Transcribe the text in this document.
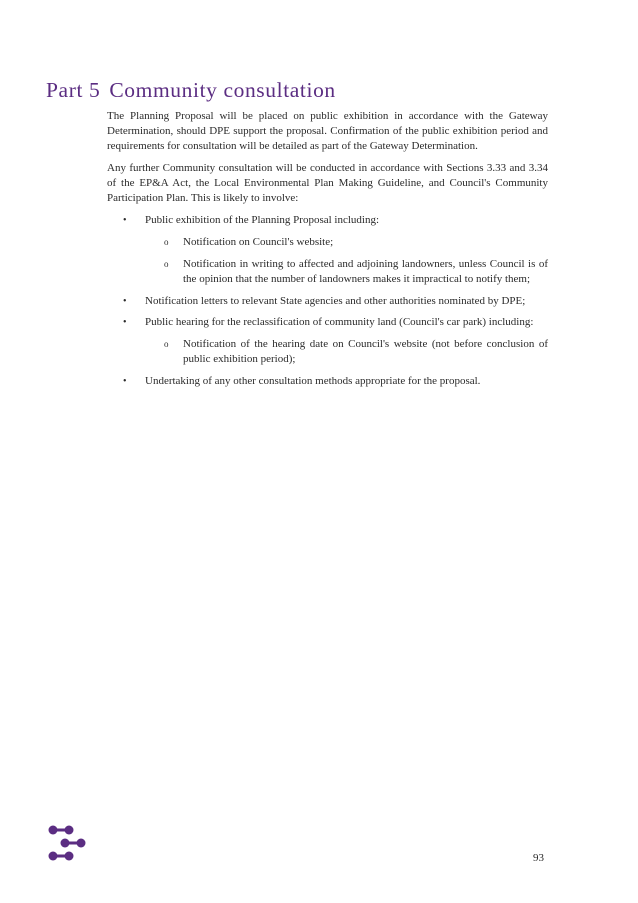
Part 5 Community consultation

The Planning Proposal will be placed on public exhibition in accordance with the Gateway Determination, should DPE support the proposal. Confirmation of the public exhibition period and requirements for consultation will be detailed as part of the Gateway Determination.

Any further Community consultation will be conducted in accordance with Sections 3.33 and 3.34 of the EP&A Act, the Local Environmental Plan Making Guideline, and Council's Community Participation Plan. This is likely to involve:

• Public exhibition of the Planning Proposal including:
o Notification on Council's website;
o Notification in writing to affected and adjoining landowners, unless Council is of the opinion that the number of landowners makes it impractical to notify them;
• Notification letters to relevant State agencies and other authorities nominated by DPE;
• Public hearing for the reclassification of community land (Council's car park) including:
o Notification of the hearing date on Council's website (not before conclusion of public exhibition period);
• Undertaking of any other consultation methods appropriate for the proposal.
93
